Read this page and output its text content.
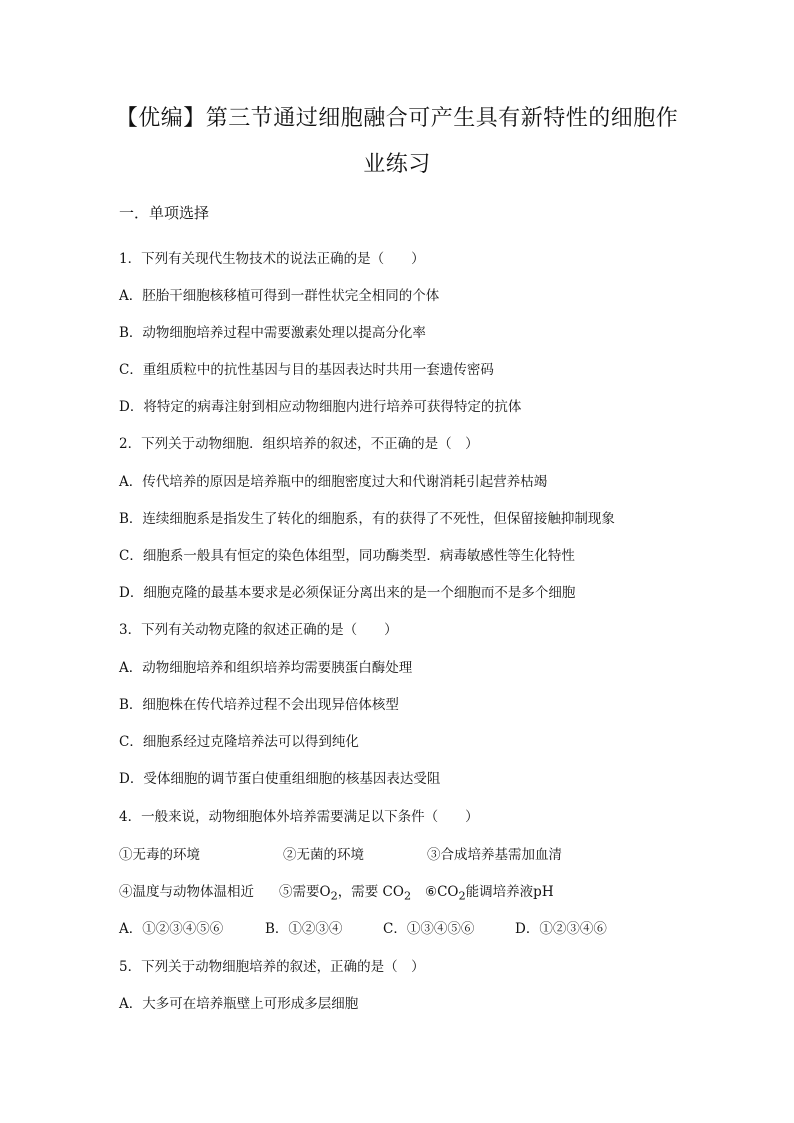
【优编】第三节通过细胞融合可产生具有新特性的细胞作
业练习
一．单项选择
1．下列有关现代生物技术的说法正确的是（　　）
A．胚胎干细胞核移植可得到一群性状完全相同的个体
B．动物细胞培养过程中需要激素处理以提高分化率
C．重组质粒中的抗性基因与目的基因表达时共用一套遗传密码
D．将特定的病毒注射到相应动物细胞内进行培养可获得特定的抗体
2．下列关于动物细胞．组织培养的叙述，不正确的是（　）
A．传代培养的原因是培养瓶中的细胞密度过大和代谢消耗引起营养枯竭
B．连续细胞系是指发生了转化的细胞系，有的获得了不死性，但保留接触抑制现象
C．细胞系一般具有恒定的染色体组型，同功酶类型．病毒敏感性等生化特性
D．细胞克隆的最基本要求是必须保证分离出来的是一个细胞而不是多个细胞
3．下列有关动物克隆的叙述正确的是（　　）
A．动物细胞培养和组织培养均需要胰蛋白酶处理
B．细胞株在传代培养过程不会出现异倍体核型
C．细胞系经过克隆培养法可以得到纯化
D．受体细胞的调节蛋白使重组细胞的核基因表达受阻
4．一般来说，动物细胞体外培养需要满足以下条件（　　）
①无毒的环境	②无菌的环境	③合成培养基需加血清
④温度与动物体温相近 ⑤需要$O_2$，需要 $CO_2$ $⑥CO_2$能调培养液pH
A．①②③④⑤⑥	B．①②③④	C．①③④⑤⑥	D．①②③④⑥
5．下列关于动物细胞培养的叙述，正确的是（　）
A．大多可在培养瓶壁上可形成多层细胞
